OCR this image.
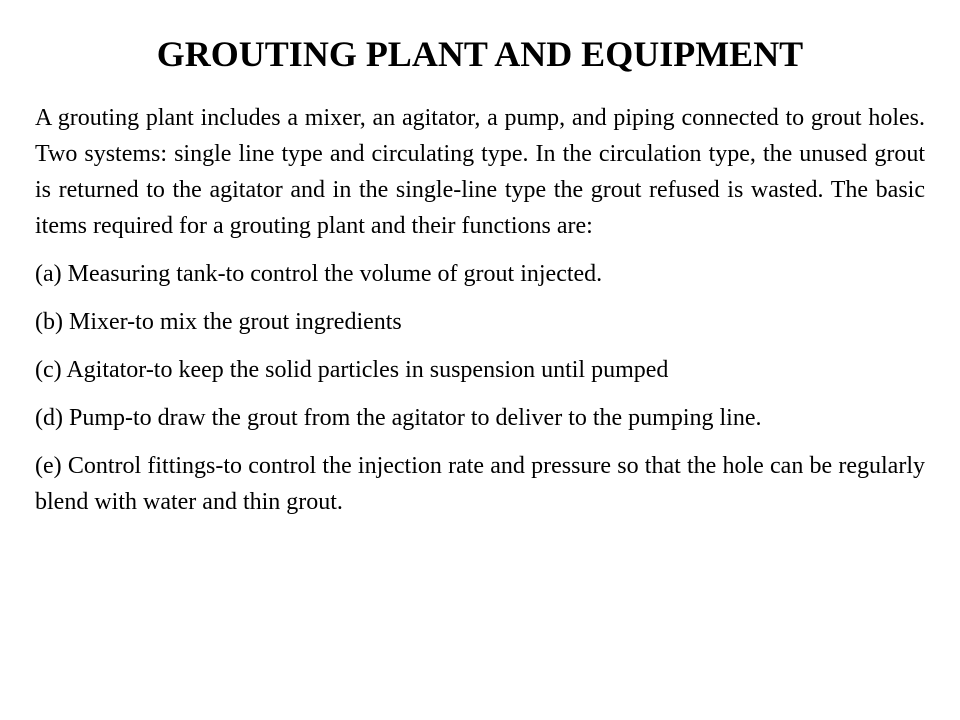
GROUTING PLANT AND EQUIPMENT

A grouting plant includes a mixer, an agitator, a pump, and piping connected to grout holes. Two systems: single line type and circulating type. In the circulation type, the unused grout is returned to the agitator and in the single-line type the grout refused is wasted. The basic items required for a grouting plant and their functions are:

(a) Measuring tank-to control the volume of grout injected.

(b) Mixer-to mix the grout ingredients

(c) Agitator-to keep the solid particles in suspension until pumped

(d) Pump-to draw the grout from the agitator to deliver to the pumping line.

(e) Control fittings-to control the injection rate and pressure so that the hole can be regularly blend with water and thin grout.
